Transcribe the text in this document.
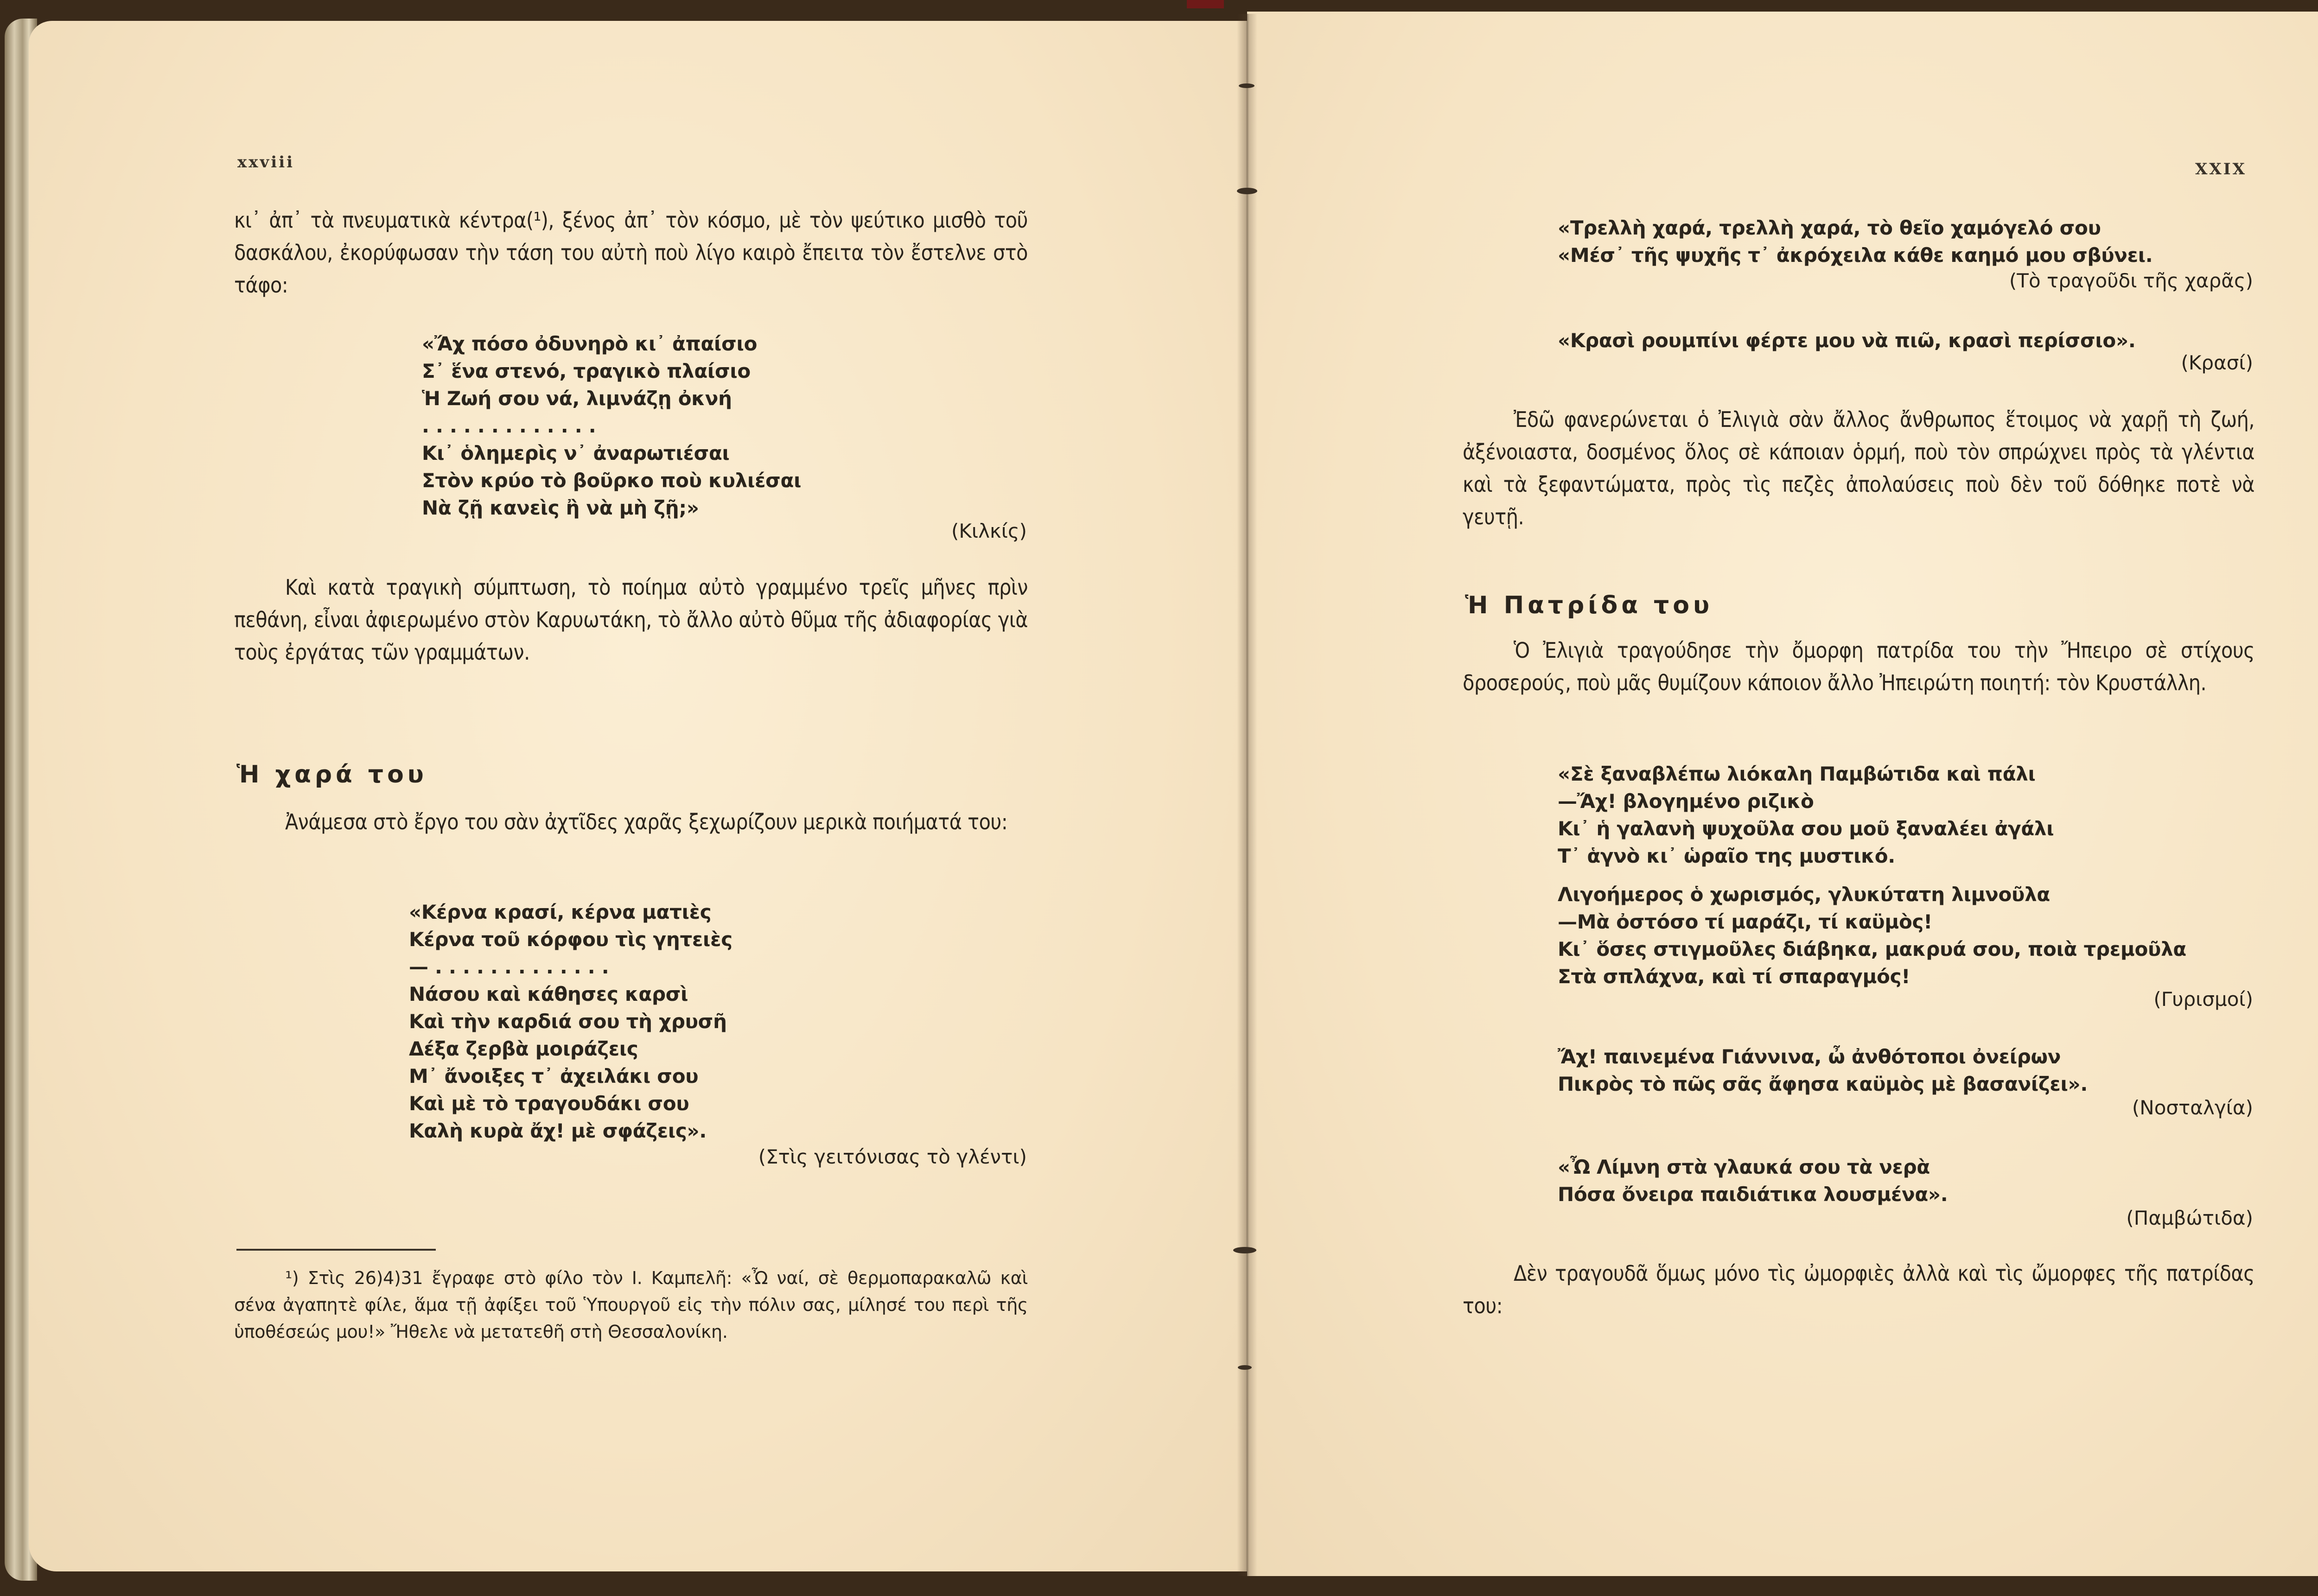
xxviii

κι᾽ ἀπ᾽ τὰ πνευματικὰ κέντρα(¹), ξένος ἀπ᾽ τὸν κόσμο, μὲ τὸν ψεύτικο μισθὸ τοῦ δασκάλου, ἐκορύφωσαν τὴν τάση του αὐτὴ ποὺ λίγο καιρὸ ἔπειτα τὸν ἔστελνε στὸ τάφο:

«Ἄχ πόσο ὀδυνηρὸ κι᾽ ἀπαίσιο
Σ᾽ ἕνα στενό, τραγικὸ πλαίσιο
Ἡ Ζωή σου νά, λιμνάζῃ ὀκνή
. . . . . . . . . . . . .
Κι᾽ ὁλημερὶς ν᾽ ἀναρωτιέσαι
Στὸν κρύο τὸ βοῦρκο ποὺ κυλιέσαι
Νὰ ζῇ κανεὶς ἢ νὰ μὴ ζῇ;»
(Κιλκίς)

Καὶ κατὰ τραγικὴ σύμπτωση, τὸ ποίημα αὐτὸ γραμμένο τρεῖς μῆνες πρὶν πεθάνη, εἶναι ἀφιερωμένο στὸν Καρυωτάκη, τὸ ἄλλο αὐτὸ θῦμα τῆς ἀδιαφορίας γιὰ τοὺς ἐργάτας τῶν γραμμάτων.

Ἡ χαρά του

Ἀνάμεσα στὸ ἔργο του σὰν ἀχτῖδες χαρᾶς ξεχωρίζουν μερικὰ ποιήματά του:

«Κέρνα κρασί, κέρνα ματιὲς
Κέρνα τοῦ κόρφου τὶς γητειὲς
— . . . . . . . . . . . . .
Νάσου καὶ κάθησες καρσὶ
Καὶ τὴν καρδιά σου τὴ χρυσῆ
Δέξα ζερβὰ μοιράζεις
Μ᾽ ἄνοιξες τ᾽ ἀχειλάκι σου
Καὶ μὲ τὸ τραγουδάκι σου
Καλὴ κυρὰ ἄχ! μὲ σφάζεις».
(Στὶς γειτόνισας τὸ γλέντι)

¹) Στὶς 26)4)31 ἔγραφε στὸ φίλο τὸν Ι. Καμπελῆ: «Ὦ ναί, σὲ θερμοπαρακαλῶ καὶ σένα ἀγαπητὲ φίλε, ἅμα τῇ ἀφίξει τοῦ Ὑπουργοῦ εἰς τὴν πόλιν σας, μίλησέ του περὶ τῆς ὑποθέσεώς μου!» Ἤθελε νὰ μετατεθῆ στὴ Θεσσαλονίκη.

XXIX
«Τρελλὴ χαρά, τρελλὴ χαρά, τὸ θεῖο χαμόγελό σου
«Μέσ᾽ τῆς ψυχῆς τ᾽ ἀκρόχειλα κάθε καημό μου σβύνει.
(Τὸ τραγοῦδι τῆς χαρᾶς)
«Κρασὶ ρουμπίνι φέρτε μου νὰ πιῶ, κρασὶ περίσσιο».
(Κρασί)

Ἐδῶ φανερώνεται ὁ Ἐλιγιὰ σὰν ἄλλος ἄνθρωπος ἕτοιμος νὰ χαρῇ τὴ ζωή, ἀξένοιαστα, δοσμένος ὅλος σὲ κάποιαν ὁρμή, ποὺ τὸν σπρώχνει πρὸς τὰ γλέντια καὶ τὰ ξεφαντώματα, πρὸς τὶς πεζὲς ἀπολαύσεις ποὺ δὲν τοῦ δόθηκε ποτὲ νὰ γευτῇ.

Ἡ Πατρίδα του

Ὁ Ἐλιγιὰ τραγούδησε τὴν ὄμορφη πατρίδα του τὴν Ἤπειρο σὲ στίχους δροσερούς, ποὺ μᾶς θυμίζουν κάποιον ἄλλο Ἠπειρώτη ποιητή: τὸν Κρυστάλλη.

«Σὲ ξαναβλέπω λιόκαλη Παμβώτιδα καὶ πάλι
—Ἄχ! βλογημένο ριζικὸ
Κι᾽ ἡ γαλανὴ ψυχοῦλα σου μοῦ ξαναλέει ἀγάλι
Τ᾽ ἁγνὸ κι᾽ ὡραῖο της μυστικό.
Λιγοήμερος ὁ χωρισμός, γλυκύτατη λιμνοῦλα
—Μὰ ὀστόσο τί μαράζι, τί καϋμὸς!
Κι᾽ ὅσες στιγμοῦλες διάβηκα, μακρυά σου, ποιὰ τρεμοῦλα
Στὰ σπλάχνα, καὶ τί σπαραγμός!
(Γυρισμοί)
Ἄχ! παινεμένα Γιάννινα, ὦ ἀνθότοποι ὀνείρων
Πικρὸς τὸ πῶς σᾶς ἄφησα καϋμὸς μὲ βασανίζει».
(Νοσταλγία)
«Ὦ Λίμνη στὰ γλαυκά σου τὰ νερὰ
Πόσα ὄνειρα παιδιάτικα λουσμένα».
(Παμβώτιδα)

Δὲν τραγουδᾶ ὅμως μόνο τὶς ὠμορφιὲς ἀλλὰ καὶ τὶς ὤμορφες τῆς πατρίδας του:
